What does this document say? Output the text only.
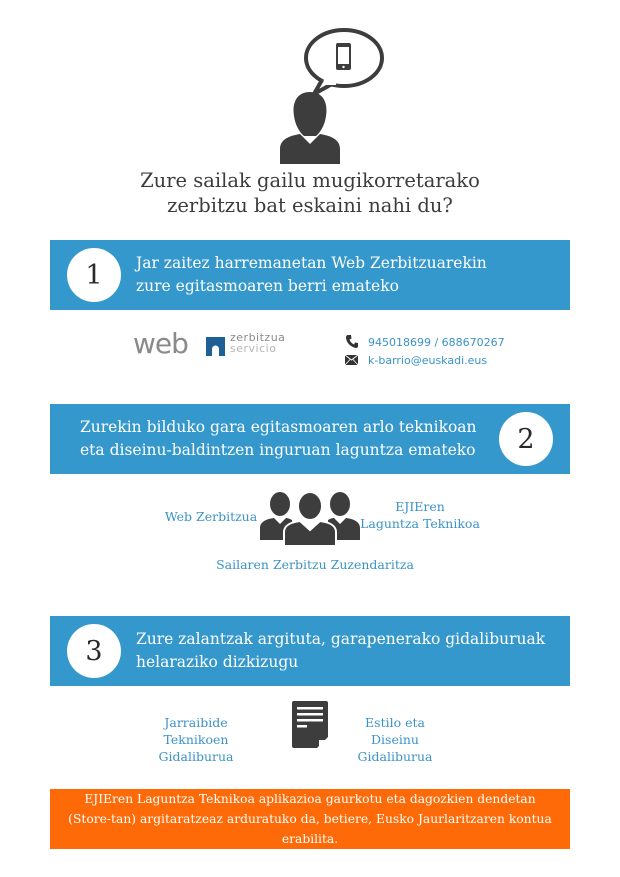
Zure sailak gailu mugikorretarako
zerbitzu bat eskaini nahi du?
1	Jar zaitez harremanetan Web Zerbitzuarekin
zure egitasmoaren berri emateko
web	zerbitzua
servicio	945018699 / 688670267
k-barrio@euskadi.eus
Zurekin bilduko gara egitasmoaren arlo teknikoan
eta diseinu-baldintzen inguruan laguntza emateko	2
Web Zerbitzua
EJIEren
Laguntza Teknikoa
Sailaren Zerbitzu Zuzendaritza
3	Zure zalantzak argituta, garapenerako gidaliburuak
helaraziko dizkizugu
Jarraibide Teknikoen
Gidaliburua
Estilo eta Diseinu
Gidaliburua
EJIEren Laguntza Teknikoa aplikazioa gaurkotu eta dagozkien dendetan
(Store-tan) argitaratzeaz arduratuko da, betiere, Eusko Jaurlaritzaren kontua erabilita.
